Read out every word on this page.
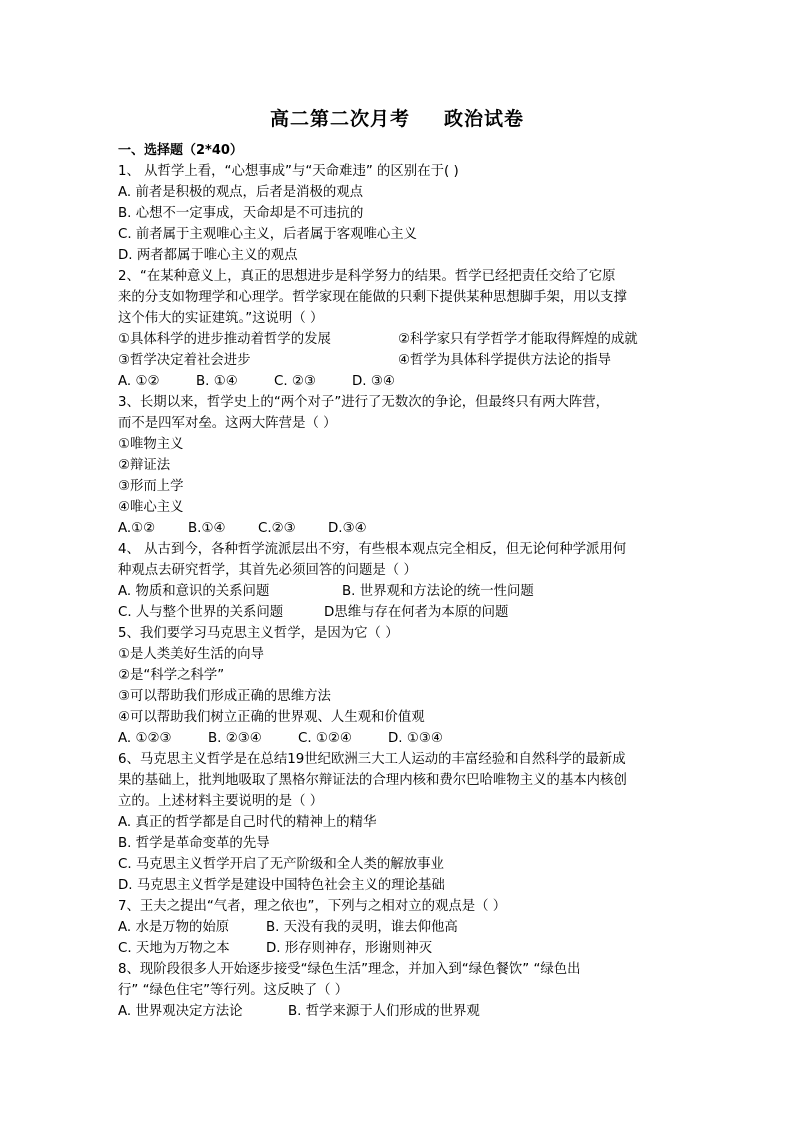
高二第二次月考 政治试卷
一、选择题（2*40）
1、 从哲学上看，“心想事成”与“天命难违” 的区别在于( )
A. 前者是积极的观点，后者是消极的观点
B. 心想不一定事成，天命却是不可违抗的
C. 前者属于主观唯心主义，后者属于客观唯心主义
D. 两者都属于唯心主义的观点
2、“在某种意义上，真正的思想进步是科学努力的结果。哲学已经把责任交给了它原
来的分支如物理学和心理学。哲学家现在能做的只剩下提供某种思想脚手架，用以支撑
这个伟大的实证建筑。”这说明（ ）
①具体科学的进步推动着哲学的发展	②科学家只有学哲学才能取得辉煌的成就
③哲学决定着社会进步	④哲学为具体科学提供方法论的指导
A. ①②	B. ①④	C. ②③	D. ③④
3、长期以来，哲学史上的“两个对子”进行了无数次的争论，但最终只有两大阵营，
而不是四军对垒。这两大阵营是（ ）
①唯物主义
②辩证法
③形而上学
④唯心主义
A.①② B.①④ C.②③ D.③④
4、 从古到今，各种哲学流派层出不穷，有些根本观点完全相反，但无论何种学派用何
种观点去研究哲学，其首先必须回答的问题是（ ）
A. 物质和意识的关系问题	B. 世界观和方法论的统一性问题
C. 人与整个世界的关系问题	D思维与存在何者为本原的问题
5、我们要学习马克思主义哲学，是因为它（ ）
①是人类美好生活的向导
②是“科学之科学”
③可以帮助我们形成正确的思维方法
④可以帮助我们树立正确的世界观、人生观和价值观
A. ①②③	B. ②③④	C. ①②④	D. ①③④
6、马克思主义哲学是在总结19世纪欧洲三大工人运动的丰富经验和自然科学的最新成
果的基础上，批判地吸取了黑格尔辩证法的合理内核和费尔巴哈唯物主义的基本内核创
立的。上述材料主要说明的是（ ）
A. 真正的哲学都是自己时代的精神上的精华
B. 哲学是革命变革的先导
C. 马克思主义哲学开启了无产阶级和全人类的解放事业
D. 马克思主义哲学是建设中国特色社会主义的理论基础
7、王夫之提出“气者，理之依也”，下列与之相对立的观点是（ ）
A. 水是万物的始原	B. 天没有我的灵明，谁去仰他高
C. 天地为万物之本	D. 形存则神存，形谢则神灭
8、现阶段很多人开始逐步接受“绿色生活”理念，并加入到“绿色餐饮” “绿色出
行” “绿色住宅”等行列。这反映了（ ）
A. 世界观决定方法论	B. 哲学来源于人们形成的世界观
